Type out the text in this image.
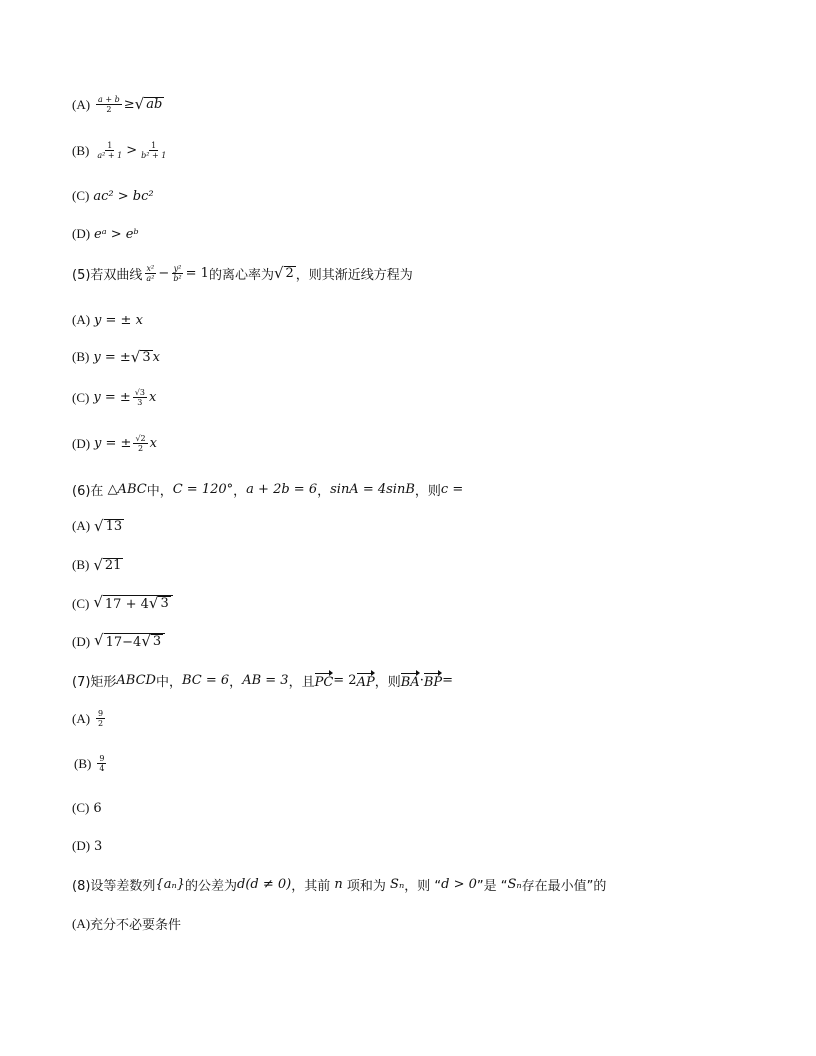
$(A) \frac{a + b}{2}$ ≥ √ ab
$(B) \frac{1}{\text{a² + 1}} > \frac{1}{\text{b² + 1}}$
(C) ac² > bc²
(D) eᵃ > eᵇ
(5)若双曲线 $\frac{\text{x²}}{\text{a²}} - \frac{\text{y²}}{\text{b²}} = 1$ 的离心率为 √ 2 ，则其渐近线方程为
(A) y = ± x
(B) y = ± √ 3 x
(C) y = ± $\frac{√3}{3}$ x
(D) y = ± $\frac{√2}{2}$ x
(6)在
△ABC 中， C = 120° ， a + 2b = 6 ， sinA = 4sinB ，则 c =
(A) √ 13
(B) √ 21
(C) √ 17 + 4 √ 3
(D) √ 17−4 √ 3
(7)矩形 ABCD 中， BC = 6 ， AB = 3 ，且 PC = 2 AP ，则 BA · BP =
$(A) \frac{9}{2}$
$(B) \frac{9}{4}$
(C) 6
(D) 3
(8)设等差数列 {aₙ} 的公差为 d(d ≠ 0) ，其前
n
项和为
Sₙ ，则 “ d > 0 ”是 “ Sₙ 存在最小值”的
(A) 充分不必要条件
